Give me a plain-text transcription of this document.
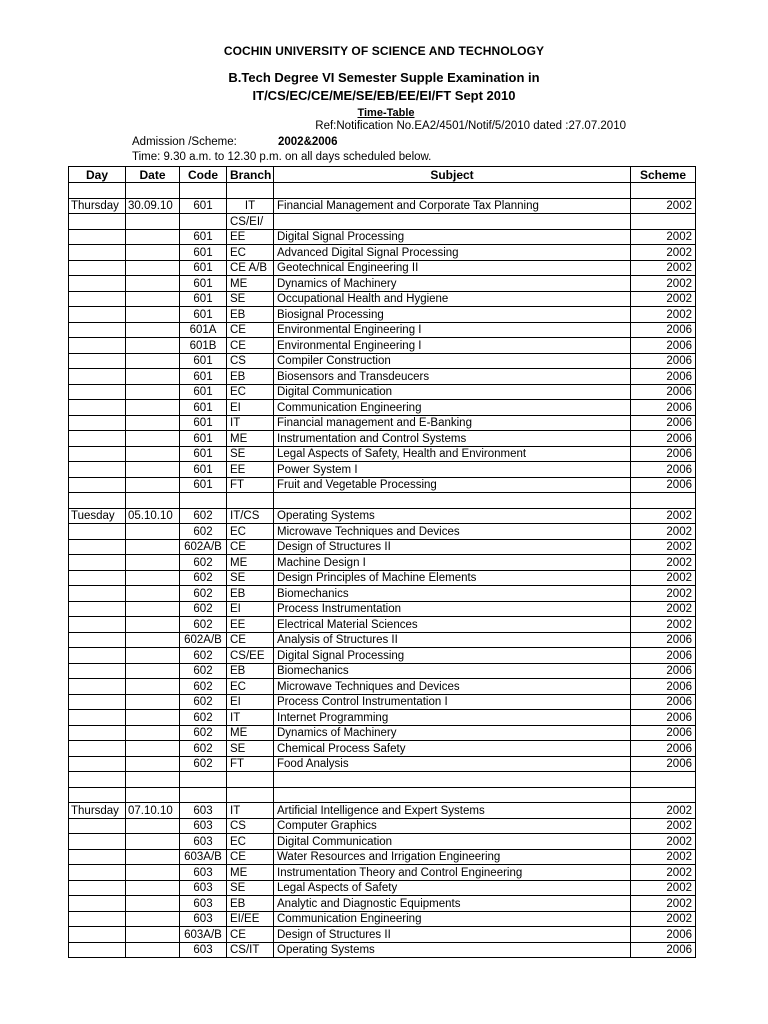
COCHIN UNIVERSITY OF SCIENCE AND TECHNOLOGY
B.Tech Degree VI Semester Supple Examination in
IT/CS/EC/CE/ME/SE/EB/EE/EI/FT Sept 2010
Time-Table
Ref:Notification No.EA2/4501/Notif/5/2010 dated :27.07.2010
Admission /Scheme:	2002&2006
Time: 9.30 a.m. to 12.30 p.m. on all days scheduled below.
Day	Date	Code	Branch	Subject	Scheme

Thursday	30.09.10	601	IT	Financial Management and Corporate Tax Planning	2002
			CS/EI/		
		601	EE	Digital Signal Processing	2002
		601	EC	Advanced Digital Signal Processing	2002
		601	CE A/B	Geotechnical Engineering II	2002
		601	ME	Dynamics of Machinery	2002
		601	SE	Occupational Health and Hygiene	2002
		601	EB	Biosignal Processing	2002
		601A	CE	Environmental Engineering I	2006
		601B	CE	Environmental Engineering I	2006
		601	CS	Compiler Construction	2006
		601	EB	Biosensors and Transdeucers	2006
		601	EC	Digital Communication	2006
		601	EI	Communication Engineering	2006
		601	IT	Financial management and E-Banking	2006
		601	ME	Instrumentation and Control Systems	2006
		601	SE	Legal Aspects of Safety, Health and Environment	2006
		601	EE	Power System I	2006
		601	FT	Fruit and Vegetable Processing	2006

Tuesday	05.10.10	602	IT/CS	Operating Systems	2002
		602	EC	Microwave Techniques and Devices	2002
		602A/B	CE	Design of Structures II	2002
		602	ME	Machine Design I	2002
		602	SE	Design Principles of Machine Elements	2002
		602	EB	Biomechanics	2002
		602	EI	Process Instrumentation	2002
		602	EE	Electrical Material Sciences	2002
		602A/B	CE	Analysis of Structures II	2006
		602	CS/EE	Digital Signal Processing	2006
		602	EB	Biomechanics	2006
		602	EC	Microwave Techniques and Devices	2006
		602	EI	Process Control Instrumentation I	2006
		602	IT	Internet Programming	2006
		602	ME	Dynamics of Machinery	2006
		602	SE	Chemical Process Safety	2006
		602	FT	Food Analysis	2006

Thursday	07.10.10	603	IT	Artificial Intelligence and Expert Systems	2002
		603	CS	Computer Graphics	2002
		603	EC	Digital Communication	2002
		603A/B	CE	Water Resources and Irrigation Engineering	2002
		603	ME	Instrumentation Theory and Control Engineering	2002
		603	SE	Legal Aspects of Safety	2002
		603	EB	Analytic and Diagnostic Equipments	2002
		603	EI/EE	Communication Engineering	2002
		603A/B	CE	Design of Structures II	2006
		603	CS/IT	Operating Systems	2006
